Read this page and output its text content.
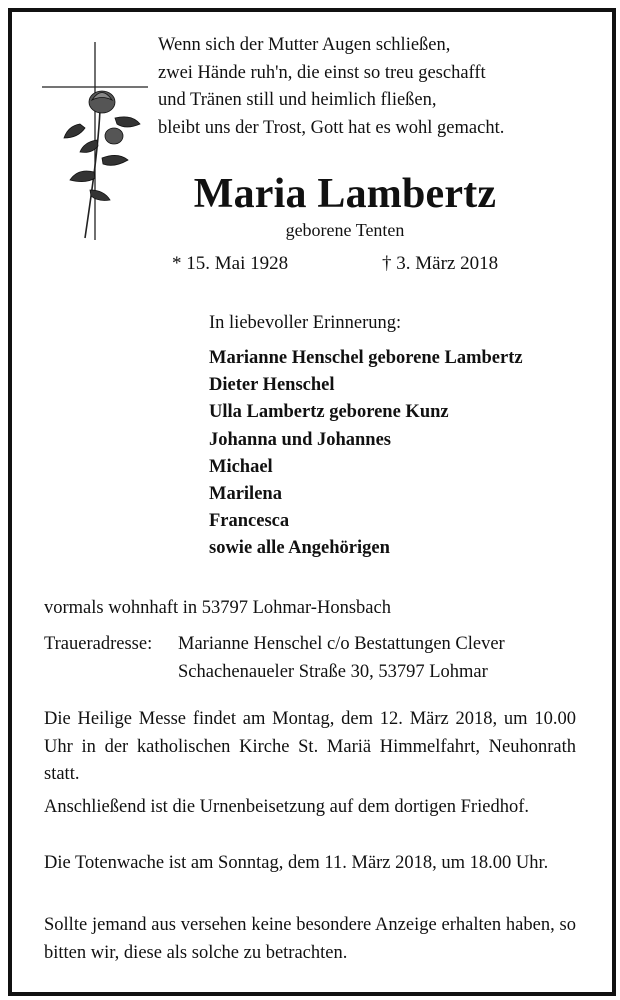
Wenn sich der Mutter Augen schließen,
zwei Hände ruh'n, die einst so treu geschafft
und Tränen still und heimlich fließen,
bleibt uns der Trost, Gott hat es wohl gemacht.
Maria Lambertz
geborene Tenten
* 15. Mai 1928	† 3. März 2018
In liebevoller Erinnerung:
Marianne Henschel geborene Lambertz
Dieter Henschel
Ulla Lambertz geborene Kunz
Johanna und Johannes
Michael
Marilena
Francesca
sowie alle Angehörigen
vormals wohnhaft in 53797 Lohmar-Honsbach
Traueradresse: Marianne Henschel c/o Bestattungen Clever
Schachenaueler Straße 30, 53797 Lohmar
Die Heilige Messe findet am Montag, dem 12. März 2018, um 10.00 Uhr in der katholischen Kirche St. Mariä Himmelfahrt, Neuhonrath statt.
Anschließend ist die Urnenbeisetzung auf dem dortigen Friedhof.
Die Totenwache ist am Sonntag, dem 11. März 2018, um 18.00 Uhr.
Sollte jemand aus versehen keine besondere Anzeige erhalten haben, so bitten wir, diese als solche zu betrachten.
